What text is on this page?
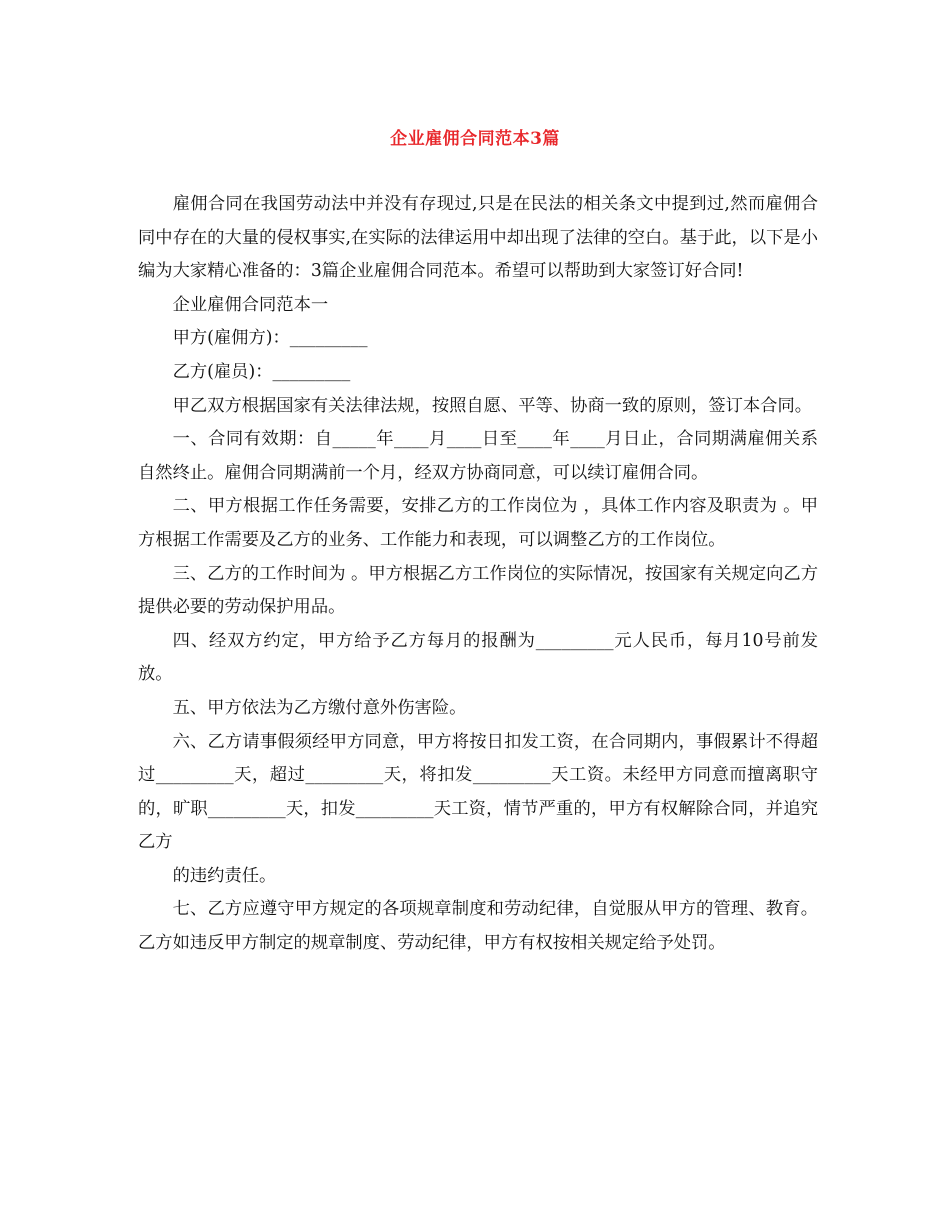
企业雇佣合同范本3篇

雇佣合同在我国劳动法中并没有存现过,只是在民法的相关条文中提到过,然而雇佣合同中存在的大量的侵权事实,在实际的法律运用中却出现了法律的空白。基于此，以下是小编为大家精心准备的：3篇企业雇佣合同范本。希望可以帮助到大家签订好合同!

企业雇佣合同范本一

甲方(雇佣方)：_________

乙方(雇员)：_________

甲乙双方根据国家有关法律法规，按照自愿、平等、协商一致的原则，签订本合同。

一、合同有效期：自_____年____月____日至____年____月日止，合同期满雇佣关系自然终止。雇佣合同期满前一个月，经双方协商同意，可以续订雇佣合同。

二、甲方根据工作任务需要，安排乙方的工作岗位为 ，具体工作内容及职责为 。甲方根据工作需要及乙方的业务、工作能力和表现，可以调整乙方的工作岗位。

三、乙方的工作时间为 。甲方根据乙方工作岗位的实际情况，按国家有关规定向乙方提供必要的劳动保护用品。

四、经双方约定，甲方给予乙方每月的报酬为_________元人民币，每月10号前发放。

五、甲方依法为乙方缴付意外伤害险。

六、乙方请事假须经甲方同意，甲方将按日扣发工资，在合同期内，事假累计不得超过_________天，超过_________天，将扣发_________天工资。未经甲方同意而擅离职守的，旷职_________天，扣发_________天工资，情节严重的，甲方有权解除合同，并追究乙方

的违约责任。

七、乙方应遵守甲方规定的各项规章制度和劳动纪律，自觉服从甲方的管理、教育。乙方如违反甲方制定的规章制度、劳动纪律，甲方有权按相关规定给予处罚。
